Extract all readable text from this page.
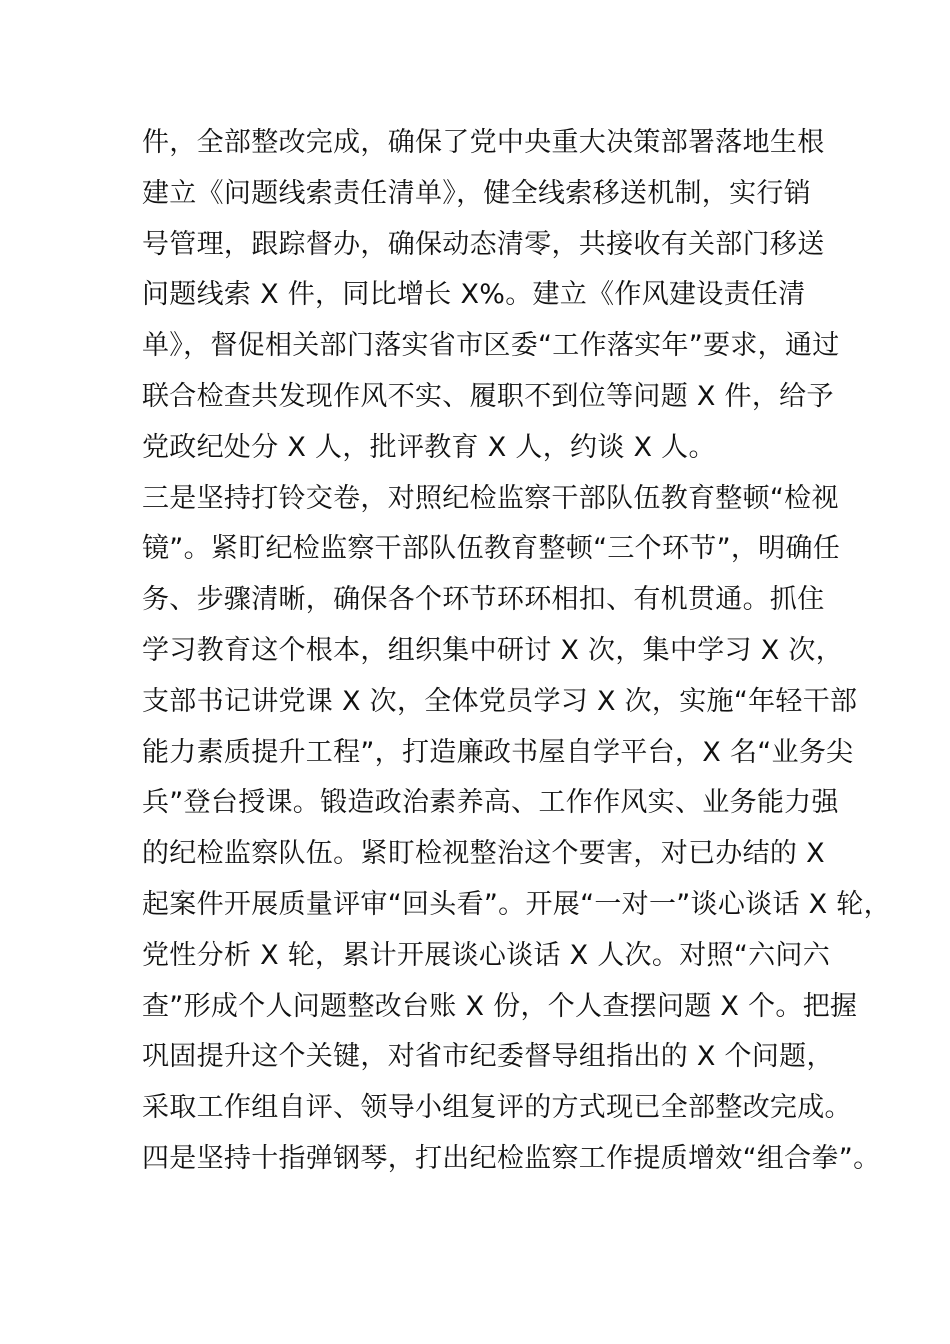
件，全部整改完成，确保了党中央重大决策部署落地生根
建立《问题线索责任清单》，健全线索移送机制，实行销
号管理，跟踪督办，确保动态清零，共接收有关部门移送
问题线索 X 件，同比增长 X%。建立《作风建设责任清
单》，督促相关部门落实省市区委“工作落实年”要求，通过
联合检查共发现作风不实、履职不到位等问题 X 件，给予
党政纪处分 X 人，批评教育 X 人，约谈 X 人。
三是坚持打铃交卷，对照纪检监察干部队伍教育整顿“检视
镜”。紧盯纪检监察干部队伍教育整顿“三个环节”，明确任
务、步骤清晰，确保各个环节环环相扣、有机贯通。抓住
学习教育这个根本，组织集中研讨 X 次，集中学习 X 次，
支部书记讲党课 X 次，全体党员学习 X 次，实施“年轻干部
能力素质提升工程”，打造廉政书屋自学平台，X 名“业务尖
兵”登台授课。锻造政治素养高、工作作风实、业务能力强
的纪检监察队伍。紧盯检视整治这个要害，对已办结的 X
起案件开展质量评审“回头看”。开展“一对一”谈心谈话 X 轮，
党性分析 X 轮，累计开展谈心谈话 X 人次。对照“六问六
查”形成个人问题整改台账 X 份，个人查摆问题 X 个。把握
巩固提升这个关键，对省市纪委督导组指出的 X 个问题，
采取工作组自评、领导小组复评的方式现已全部整改完成。
四是坚持十指弹钢琴，打出纪检监察工作提质增效“组合拳”。
